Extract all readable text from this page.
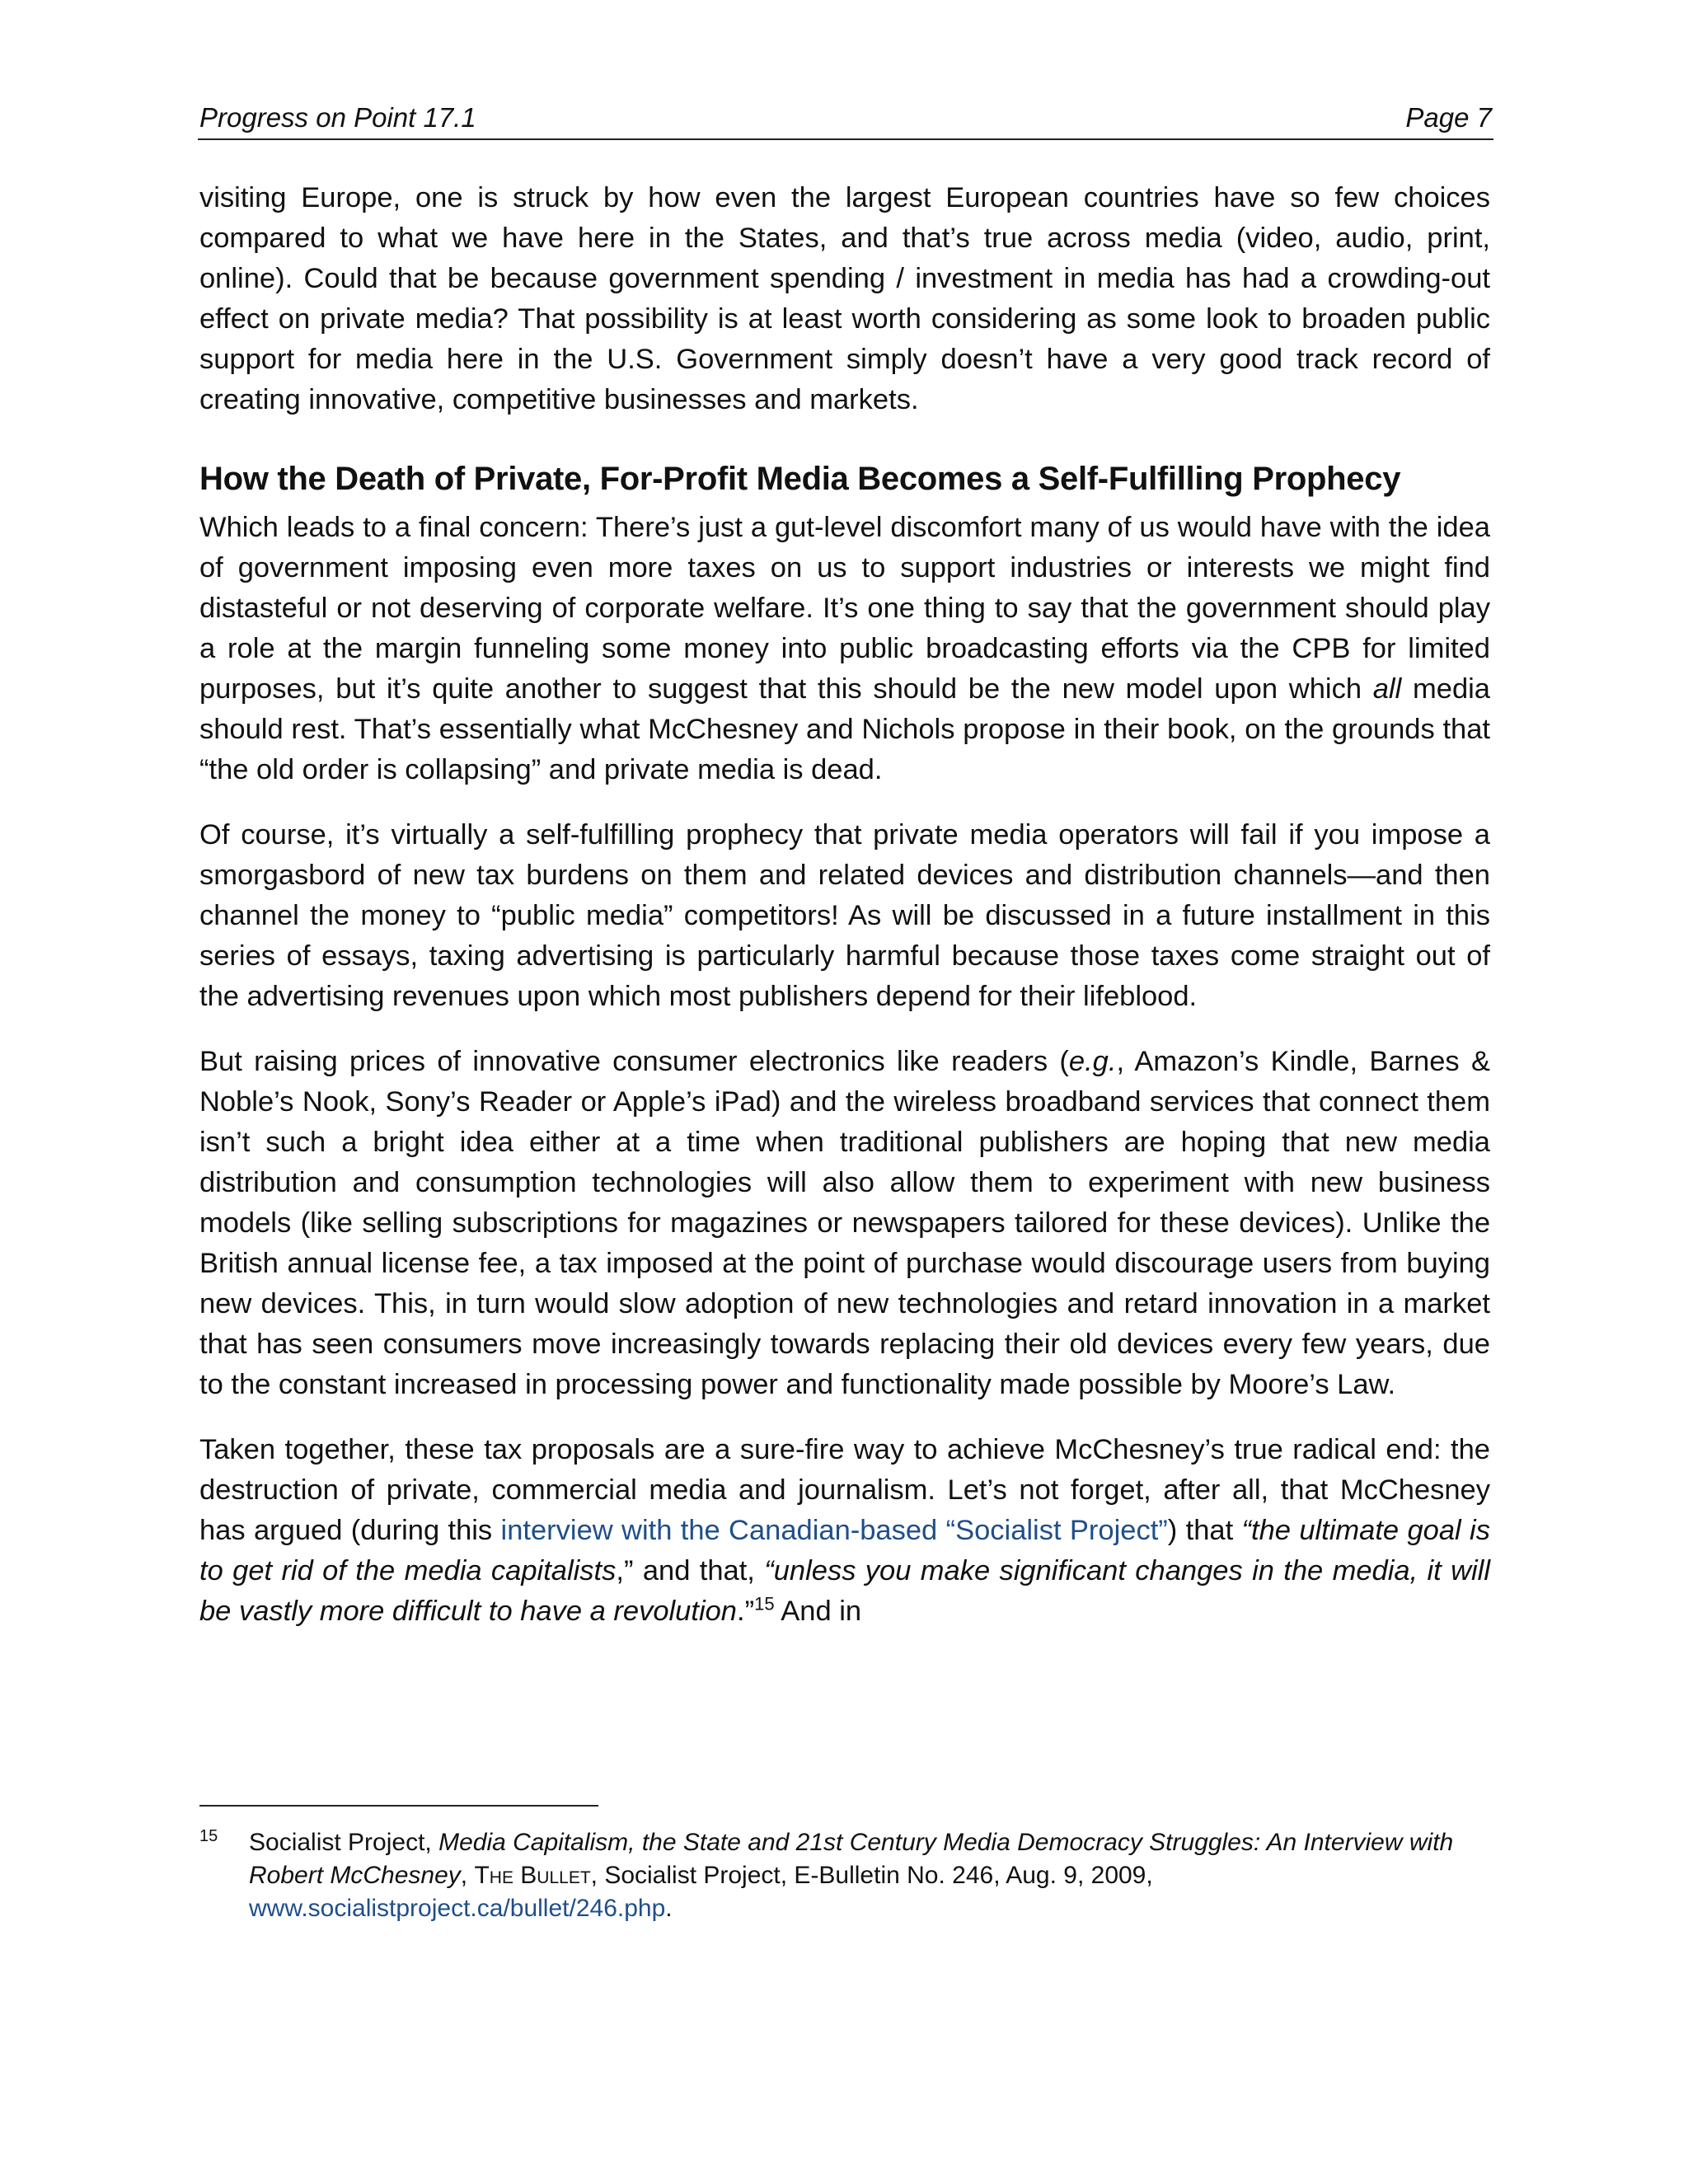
Progress on Point 17.1	Page 7

visiting Europe, one is struck by how even the largest European countries have so few choices compared to what we have here in the States, and that’s true across media (video, audio, print, online). Could that be because government spending / investment in media has had a crowding-out effect on private media? That possibility is at least worth considering as some look to broaden public support for media here in the U.S. Government simply doesn’t have a very good track record of creating innovative, competitive businesses and markets.

How the Death of Private, For-Profit Media Becomes a Self-Fulfilling Prophecy

Which leads to a final concern: There’s just a gut-level discomfort many of us would have with the idea of government imposing even more taxes on us to support industries or interests we might find distasteful or not deserving of corporate welfare. It’s one thing to say that the government should play a role at the margin funneling some money into public broadcasting efforts via the CPB for limited purposes, but it’s quite another to suggest that this should be the new model upon which all media should rest. That’s essentially what McChesney and Nichols propose in their book, on the grounds that “the old order is collapsing” and private media is dead.

Of course, it’s virtually a self-fulfilling prophecy that private media operators will fail if you impose a smorgasbord of new tax burdens on them and related devices and distribution channels—and then channel the money to “public media” competitors! As will be discussed in a future installment in this series of essays, taxing advertising is particularly harmful because those taxes come straight out of the advertising revenues upon which most publishers depend for their lifeblood.

But raising prices of innovative consumer electronics like readers (e.g., Amazon’s Kindle, Barnes & Noble’s Nook, Sony’s Reader or Apple’s iPad) and the wireless broadband services that connect them isn’t such a bright idea either at a time when traditional publishers are hoping that new media distribution and consumption technologies will also allow them to experiment with new business models (like selling subscriptions for magazines or newspapers tailored for these devices). Unlike the British annual license fee, a tax imposed at the point of purchase would discourage users from buying new devices. This, in turn would slow adoption of new technologies and retard innovation in a market that has seen consumers move increasingly towards replacing their old devices every few years, due to the constant increased in processing power and functionality made possible by Moore’s Law.

Taken together, these tax proposals are a sure-fire way to achieve McChesney’s true radical end: the destruction of private, commercial media and journalism. Let’s not forget, after all, that McChesney has argued (during this interview with the Canadian-based “Socialist Project”) that “the ultimate goal is to get rid of the media capitalists,” and that, “unless you make significant changes in the media, it will be vastly more difficult to have a revolution.”$^{15}$ And in

15 Socialist Project, Media Capitalism, the State and 21st Century Media Democracy Struggles: An Interview with Robert McChesney, The Bullet, Socialist Project, E-Bulletin No. 246, Aug. 9, 2009,
www.socialistproject.ca/bullet/246.php.
